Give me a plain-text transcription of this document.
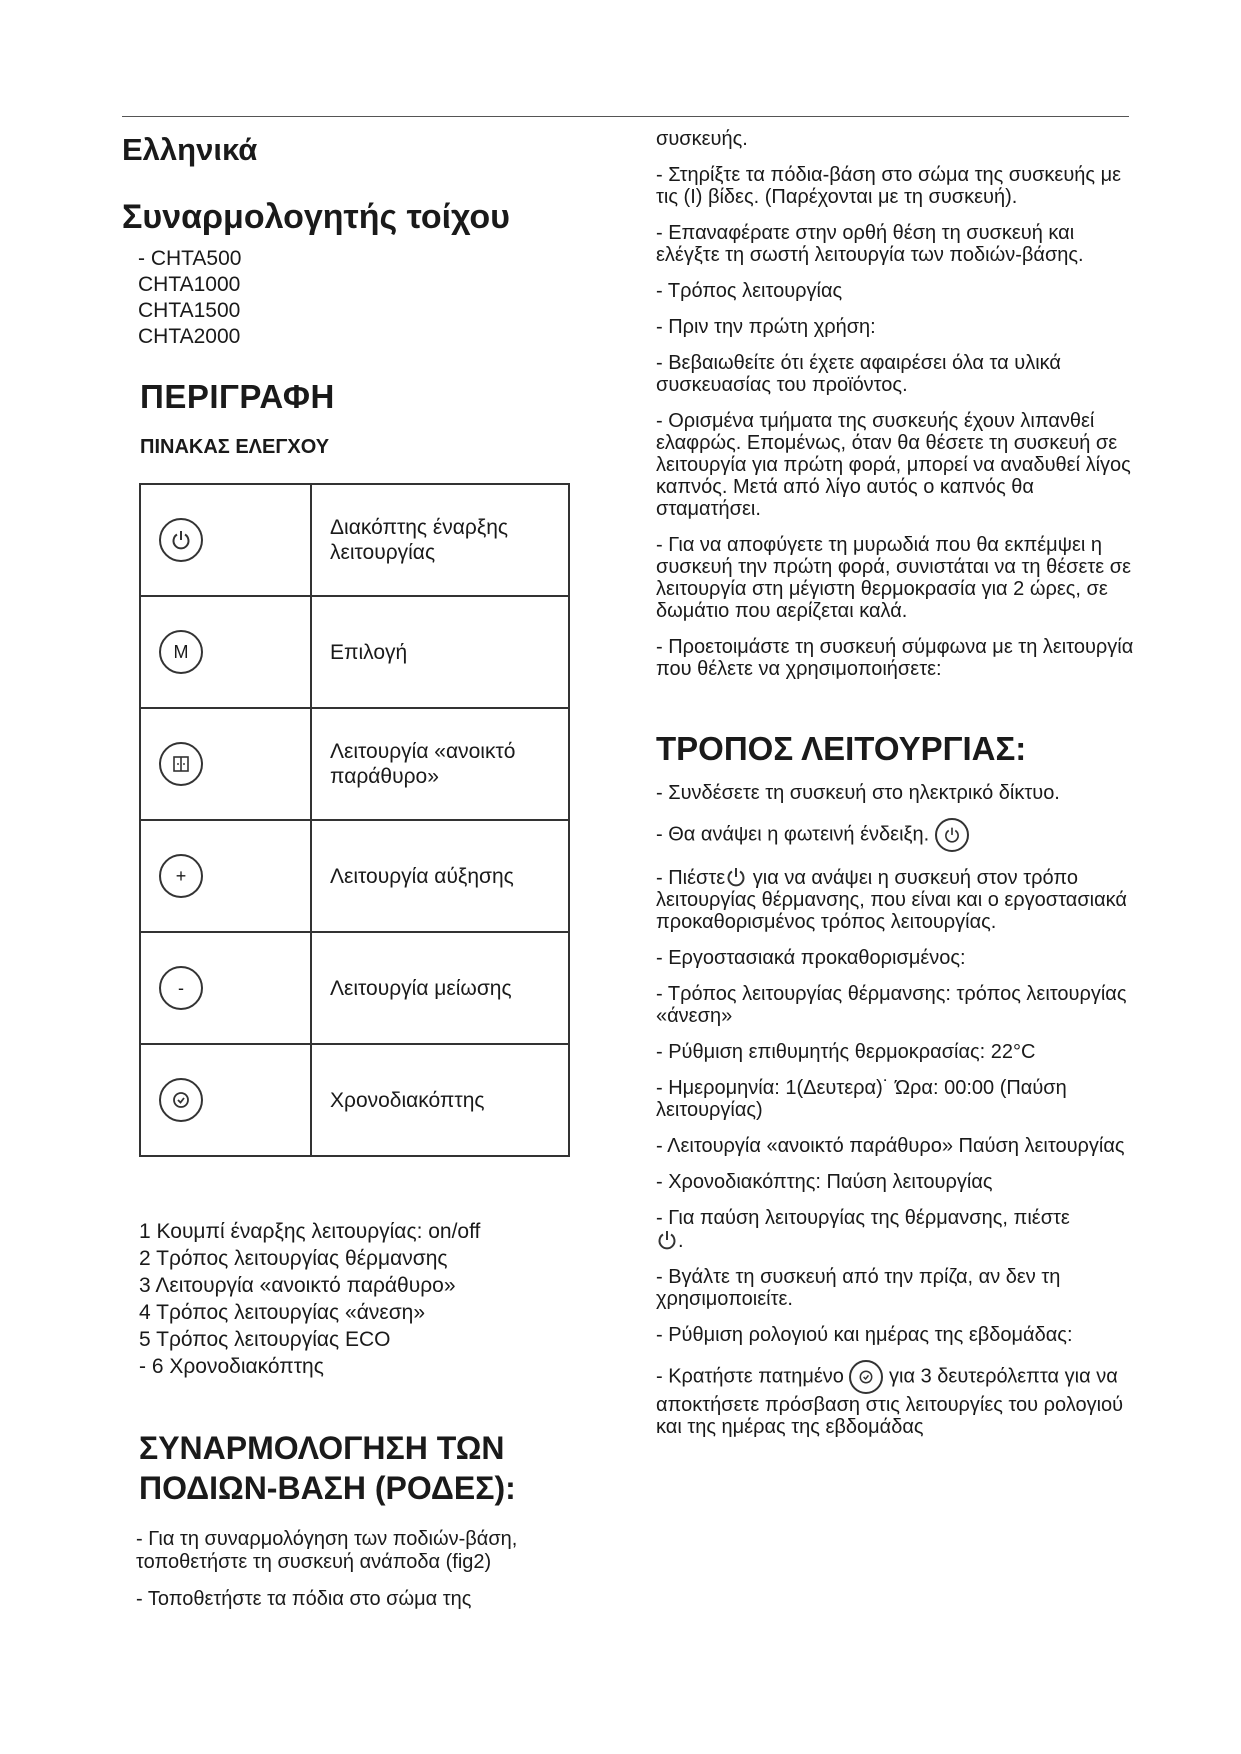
Ελληνικά
Συναρμολογητής τοίχου
- CHTA500
CHTA1000
CHTA1500
CHTA2000
ΠΕΡΙΓΡΑΦΗ
ΠΙΝΑΚΑΣ ΕΛΕΓΧΟΥ
	Διακόπτης έναρξης λειτουργίας

M	Επιλογή

	Λειτουργία «ανοικτό παράθυρο»

+	Λειτουργία αύξησης

-	Λειτουργία μείωσης

	Χρονοδιακόπτης
1 Κουμπί έναρξης λειτουργίας: on/off
2 Τρόπος λειτουργίας θέρμανσης
3 Λειτουργία «ανοικτό παράθυρο»
4 Τρόπος λειτουργίας «άνεση»
5 Τρόπος λειτουργίας ECO
- 6 Χρονοδιακόπτης
ΣΥΝΑΡΜΟΛΟΓΗΣΗ ΤΩΝ ΠΟΔΙΩΝ-ΒΑΣΗ (ΡΟΔΕΣ):

- Για τη συναρμολόγηση των ποδιών-βάση, τοποθετήστε τη συσκευή ανάποδα (fig2)

- Τοποθετήστε τα πόδια στο σώμα της

συσκευής.

- Στηρίξτε τα πόδια-βάση στο σώμα της συσκευής με τις (I) βίδες. (Παρέχονται με τη συσκευή).

- Επαναφέρατε στην ορθή θέση τη συσκευή και ελέγξτε τη σωστή λειτουργία των ποδιών-βάσης.

- Τρόπος λειτουργίας

- Πριν την πρώτη χρήση:

- Βεβαιωθείτε ότι έχετε αφαιρέσει όλα τα υλικά συσκευασίας του προϊόντος.

- Ορισμένα τμήματα της συσκευής έχουν λιπανθεί ελαφρώς. Επομένως, όταν θα θέσετε τη συσκευή σε λειτουργία για πρώτη φορά, μπορεί να αναδυθεί λίγος καπνός. Μετά από λίγο αυτός ο καπνός θα σταματήσει.

- Για να αποφύγετε τη μυρωδιά που θα εκπέμψει η συσκευή την πρώτη φορά, συνιστάται να τη θέσετε σε λειτουργία στη μέγιστη θερμοκρασία για 2 ώρες, σε δωμάτιο που αερίζεται καλά.

- Προετοιμάστε τη συσκευή σύμφωνα με τη λειτουργία που θέλετε να χρησιμοποιήσετε:

ΤΡΟΠΟΣ ΛΕΙΤΟΥΡΓΙΑΣ:

- Συνδέσετε τη συσκευή στο ηλεκτρικό δίκτυο.

- Θα ανάψει η φωτεινή ένδειξη.

- Πιέστε για να ανάψει η συσκευή στον τρόπο λειτουργίας θέρμανσης, που είναι και ο εργοστασιακά προκαθορισμένος τρόπος λειτουργίας.

- Εργοστασιακά προκαθορισμένος:

- Τρόπος λειτουργίας θέρμανσης: τρόπος λειτουργίας «άνεση»

- Ρύθμιση επιθυμητής θερμοκρασίας: 22°C

- Ημερομηνία: 1(Δευτερα)˙ Ώρα: 00:00 (Παύση λειτουργίας)

- Λειτουργία «ανοικτό παράθυρο» Παύση λειτουργίας

- Χρονοδιακόπτης: Παύση λειτουργίας

- Για παύση λειτουργίας της θέρμανσης, πιέστε
.

- Βγάλτε τη συσκευή από την πρίζα, αν δεν τη χρησιμοποιείτε.

- Ρύθμιση ρολογιού και ημέρας της εβδομάδας:

- Κρατήστε πατημένο για 3 δευτερόλεπτα για να αποκτήσετε πρόσβαση στις λειτουργίες του ρολογιού και της ημέρας της εβδομάδας
